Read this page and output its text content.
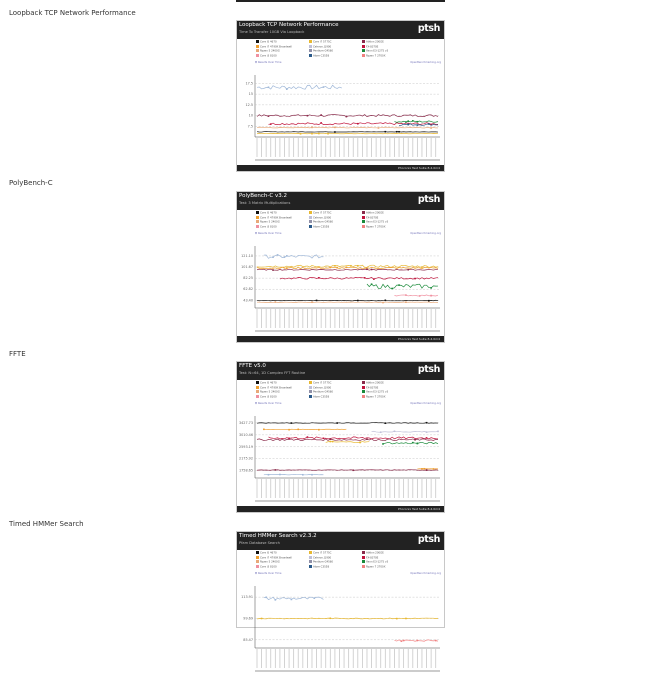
Loopback TCP Network Performance
Loopback TCP Network Performance
Time To Transfer 10GB Via Loopback	ptsh
Core i5 4670	Core i7 5775C	Athlon 200GE
Core i7 4790K Broadwell	Celeron J1900	FX-8370E
Ryzen 5 2400G	Pentium G4560	Xeon E3-1275 v3
Core i3 8100	Atom C3558	Ryzen 7 2700X
▼ Results Over Time	OpenBenchmarking.org
17.5
15
12.5
10
7.5
Phoronix Test Suite 8.4.0m4
PolyBench-C
PolyBench-C v3.2
Test: 3 Matrix Multiplications	ptsh
Core i5 4670	Core i7 5775C	Athlon 200GE
Core i7 4790K Broadwell	Celeron J1900	FX-8370E
Ryzen 5 2400G	Pentium G4560	Xeon E3-1275 v3
Core i3 8100	Atom C3558	Ryzen 7 2700X
▼ Results Over Time	OpenBenchmarking.org
121.10
101.67
82.25
62.82
43.40
Phoronix Test Suite 8.4.0m4
FFTE
FFTE v5.0
Test: N=64, 1D Complex FFT Routine	ptsh
Core i5 4670	Core i7 5775C	Athlon 200GE
Core i7 4790K Broadwell	Celeron J1900	FX-8370E
Ryzen 5 2400G	Pentium G4560	Xeon E3-1275 v3
Core i3 8100	Atom C3558	Ryzen 7 2700X
▼ Results Over Time	OpenBenchmarking.org
3427.73
3010.46
2593.19
2175.92
1758.65
Phoronix Test Suite 8.4.0m4
Timed HMMer Search
Timed HMMer Search v2.3.2
Pfam Database Search	ptsh
Core i5 4670	Core i7 5775C	Athlon 200GE
Core i7 4790K Broadwell	Celeron J1900	FX-8370E
Ryzen 5 2400G	Pentium G4560	Xeon E3-1275 v3
Core i3 8100	Atom C3558	Ryzen 7 2700X
▼ Results Over Time	OpenBenchmarking.org
113.91
99.69
85.47
